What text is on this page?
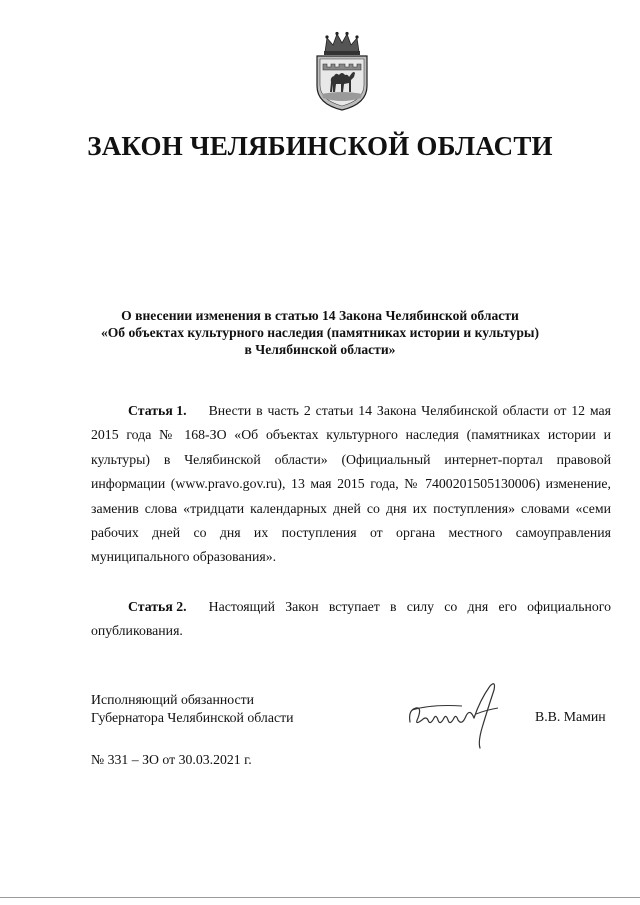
ЗАКОН ЧЕЛЯБИНСКОЙ ОБЛАСТИ
О внесении изменения в статью 14 Закона Челябинской области
«Об объектах культурного наследия (памятниках истории и культуры)
в Челябинской области»
Статья 1. Внести в часть 2 статьи 14 Закона Челябинской области от 12 мая 2015 года № 168-ЗО «Об объектах культурного наследия (памятниках истории и культуры) в Челябинской области» (Официальный интернет-портал правовой информации (www.pravo.gov.ru), 13 мая 2015 года, № 7400201505130006) изменение, заменив слова «тридцати календарных дней со дня их поступления» словами «семи рабочих дней со дня их поступления от органа местного самоуправления муниципального образования».
Статья 2. Настоящий Закон вступает в силу со дня его официального опубликования.
Исполняющий обязанности
Губернатора Челябинской области	В.В. Мамин
№ 331 – ЗО от 30.03.2021 г.
